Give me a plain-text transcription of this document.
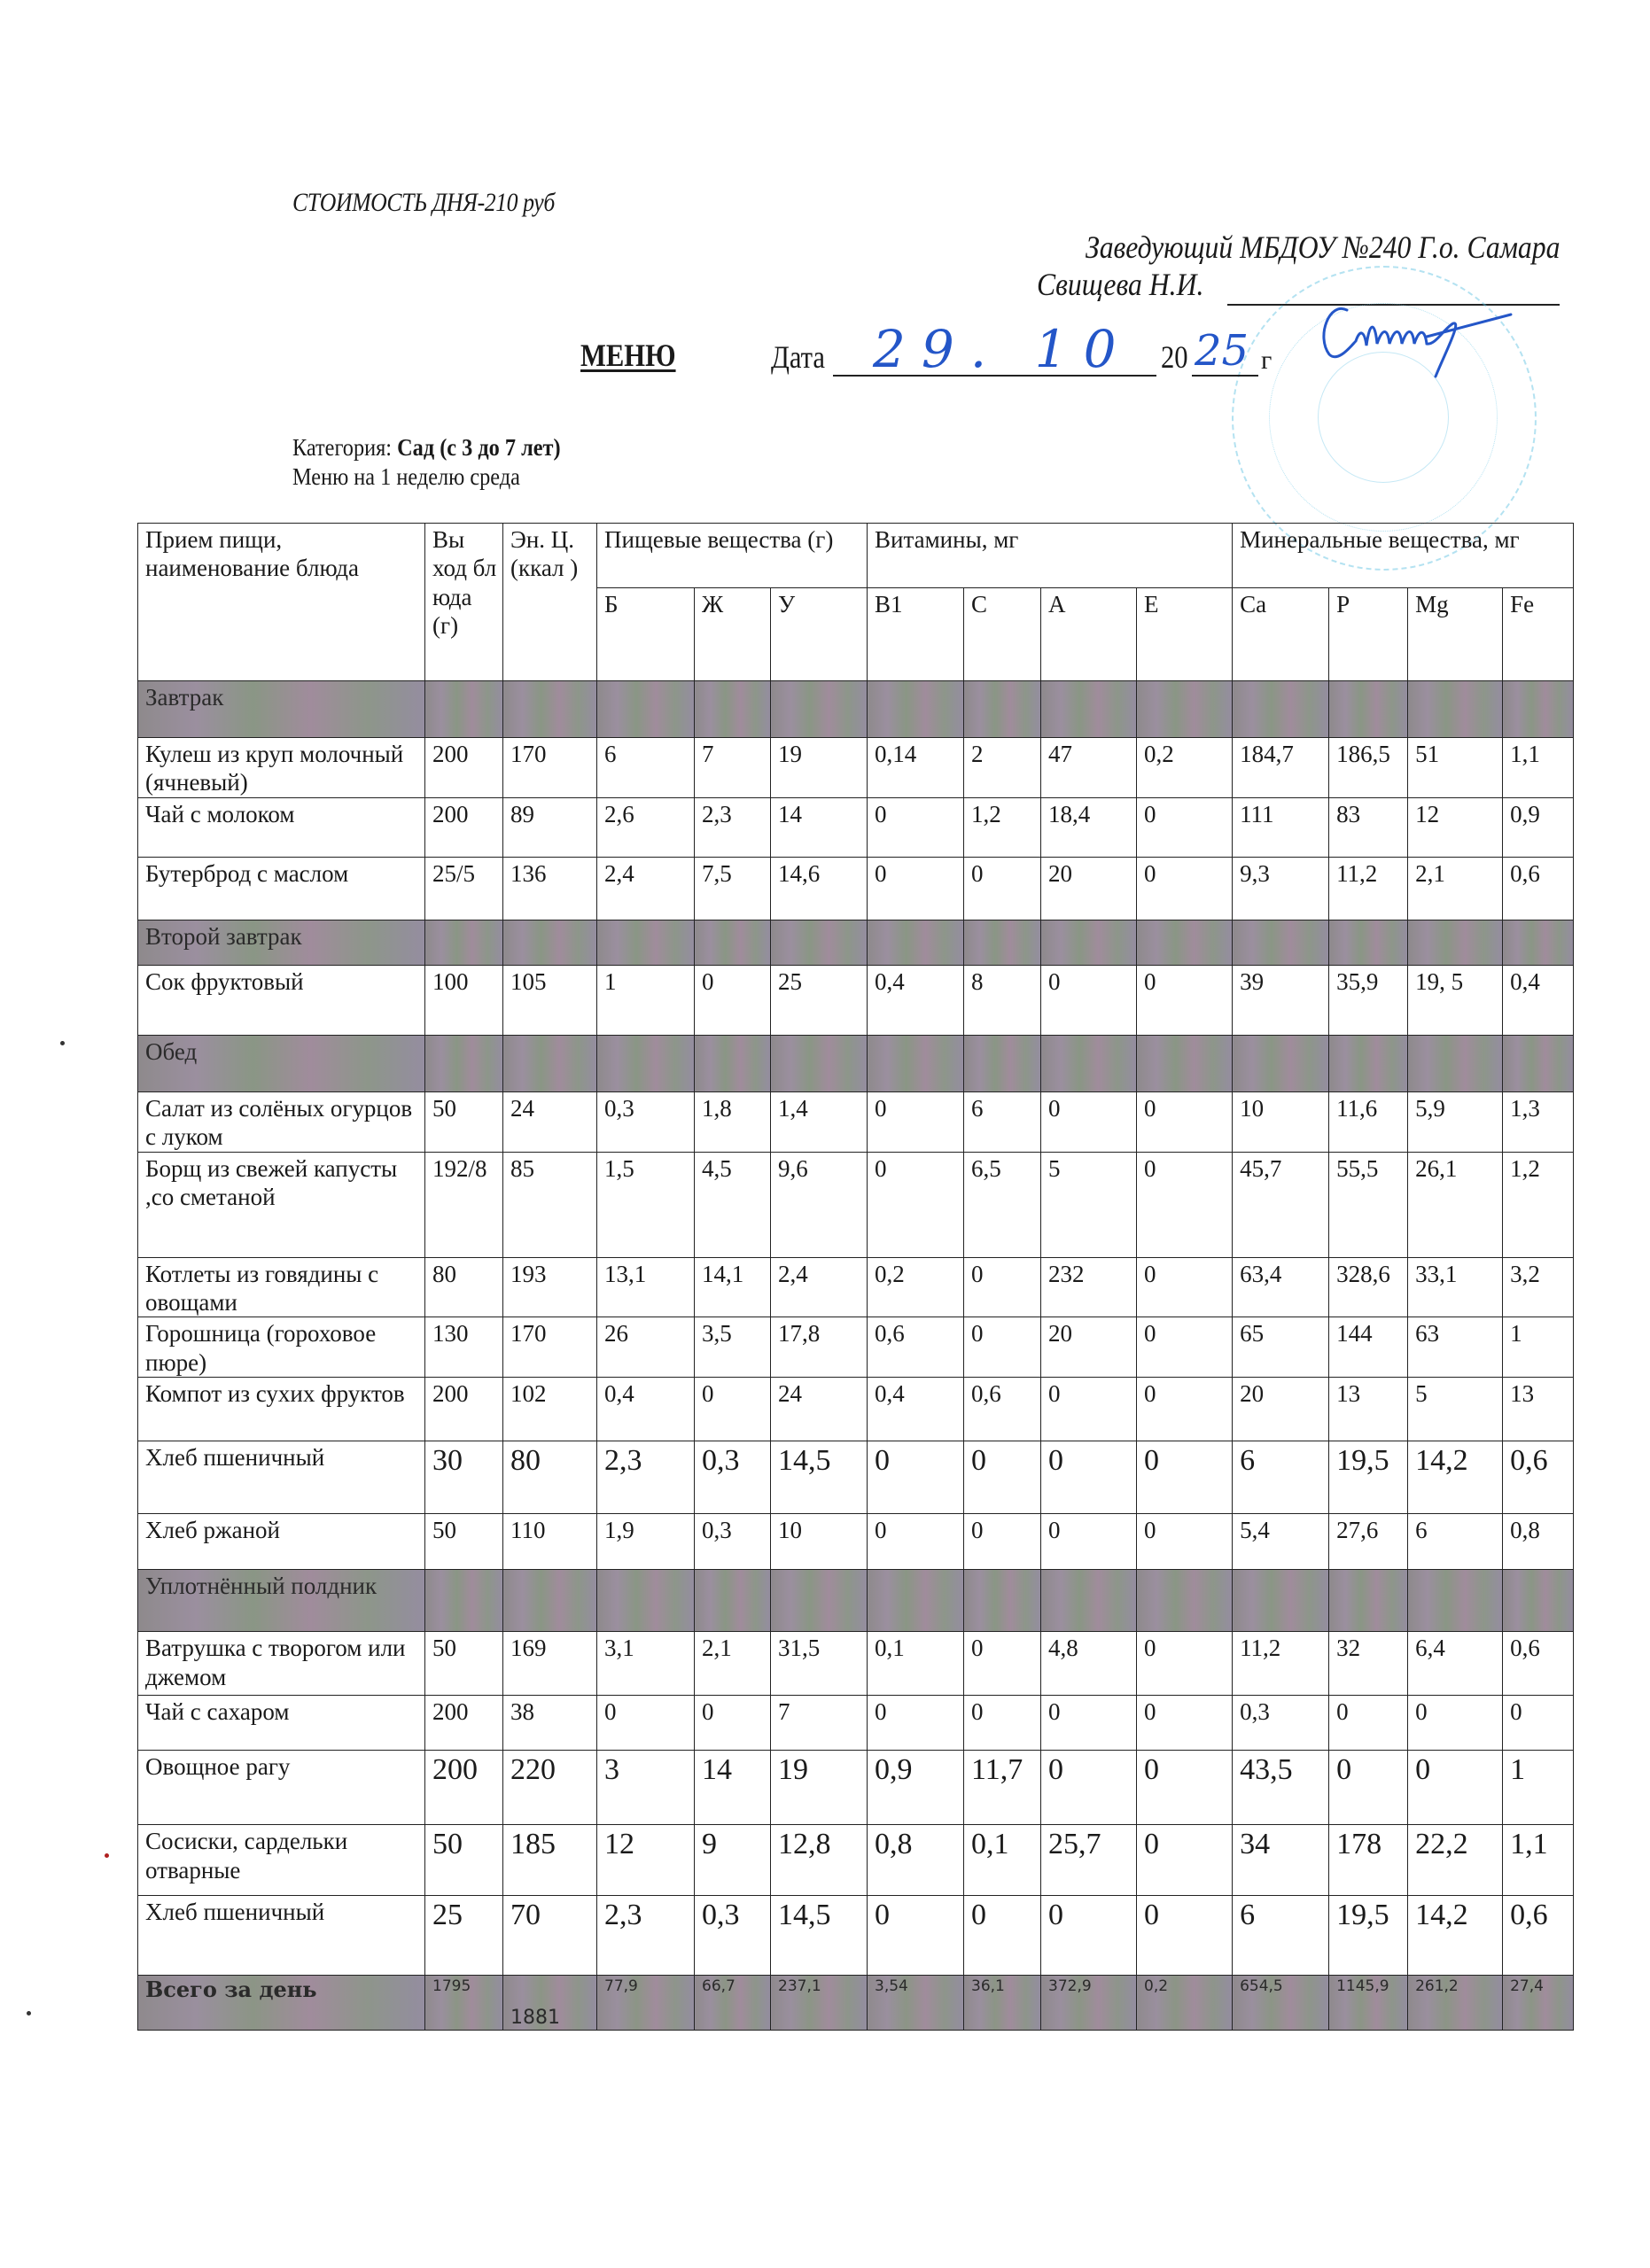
СТОИМОСТЬ ДНЯ-210 руб
Заведующий МБДОУ №240 Г.о. Самара
Свищева Н.И.
МЕНЮ	Дата 29. 10 20 25 г
Категория: Сад (с 3 до 7 лет)
Меню на 1 неделю среда
Прием пищи, наименование блюда	Вы ход бл юда (г)	Эн. Ц. (ккал )	Пищевые вещества (г)			Витамины, мг				Минеральные вещества, мг			
			Б	Ж	У	B1	C	A	E	Ca	P	Mg	Fe
Завтрак													
Кулеш из круп молочный (ячневый)	200	170	6	7	19	0,14	2	47	0,2	184,7	186,5	51	1,1
Чай с молоком	200	89	2,6	2,3	14	0	1,2	18,4	0	111	83	12	0,9
Бутерброд с маслом	25/5	136	2,4	7,5	14,6	0	0	20	0	9,3	11,2	2,1	0,6
Второй завтрак													
Сок фруктовый	100	105	1	0	25	0,4	8	0	0	39	35,9	19, 5	0,4
Обед													
Салат из солёных огурцов с луком	50	24	0,3	1,8	1,4	0	6	0	0	10	11,6	5,9	1,3
Борщ из свежей капусты ,со сметаной	192/8	85	1,5	4,5	9,6	0	6,5	5	0	45,7	55,5	26,1	1,2
Котлеты из говядины с овощами	80	193	13,1	14,1	2,4	0,2	0	232	0	63,4	328,6	33,1	3,2
Горошница (гороховое пюре)	130	170	26	3,5	17,8	0,6	0	20	0	65	144	63	1
Компот из сухих фруктов	200	102	0,4	0	24	0,4	0,6	0	0	20	13	5	13
Хлеб пшеничный	30	80	2,3	0,3	14,5	0	0	0	0	6	19,5	14,2	0,6
Хлеб ржаной	50	110	1,9	0,3	10	0	0	0	0	5,4	27,6	6	0,8
Уплотнённый полдник													
Ватрушка с творогом или джемом	50	169	3,1	2,1	31,5	0,1	0	4,8	0	11,2	32	6,4	0,6
Чай с сахаром	200	38	0	0	7	0	0	0	0	0,3	0	0	0
Овощное рагу	200	220	3	14	19	0,9	11,7	0	0	43,5	0	0	1
Сосиски, сардельки отварные	50	185	12	9	12,8	0,8	0,1	25,7	0	34	178	22,2	1,1
Хлеб пшеничный	25	70	2,3	0,3	14,5	0	0	0	0	6	19,5	14,2	0,6
Всего за день	1795	1881	77,9	66,7	237,1	3,54	36,1	372,9	0,2	654,5	1145,9	261,2	27,4
